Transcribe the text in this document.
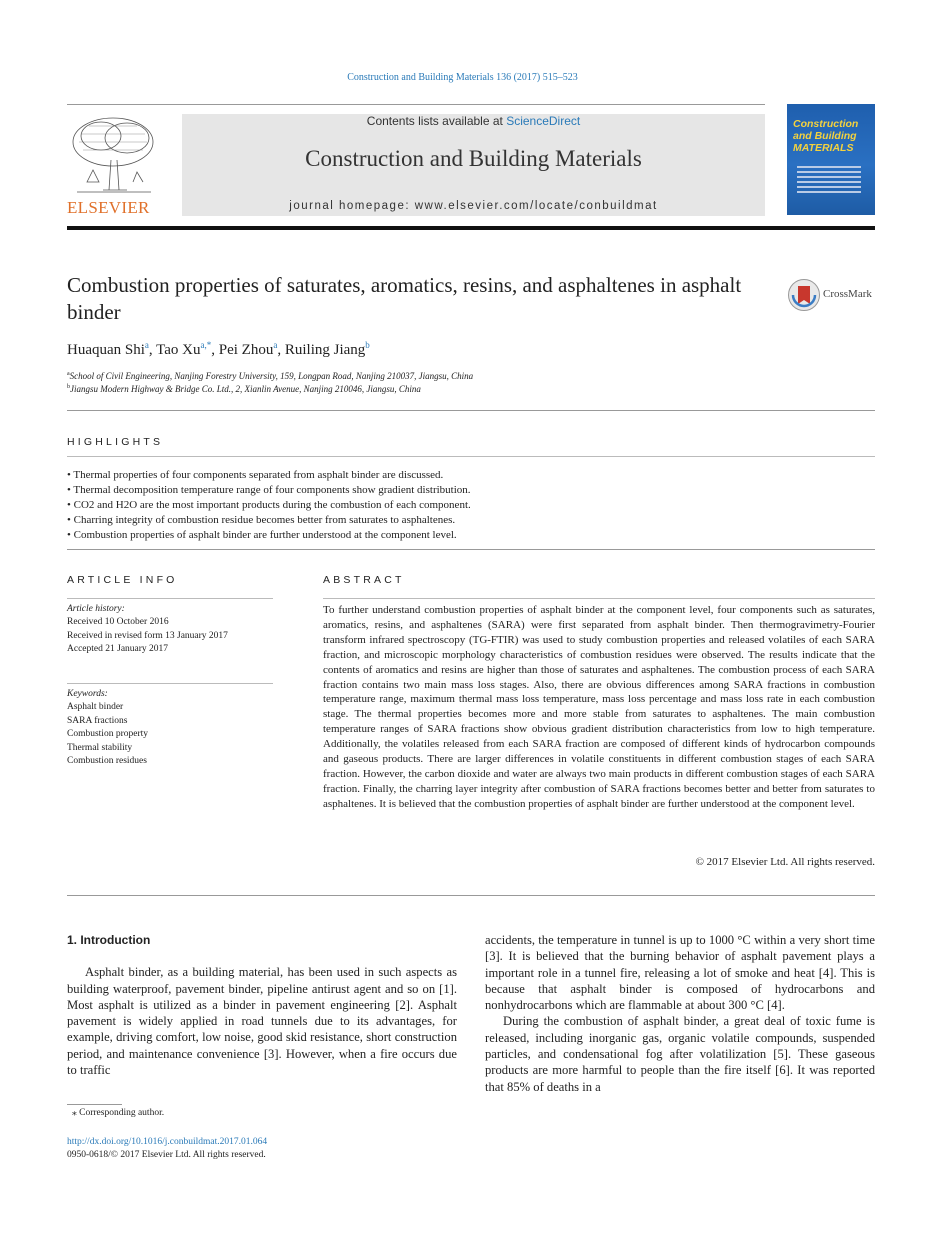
Construction and Building Materials 136 (2017) 515–523
ELSEVIER
Contents lists available at ScienceDirect
Construction and Building Materials
journal homepage: www.elsevier.com/locate/conbuildmat
Construction and Building MATERIALS
Combustion properties of saturates, aromatics, resins, and asphaltenes in asphalt binder
CrossMark
Huaquan Shi$^a$, Tao $Xu^{a,*}$, Pei Zhou$^a$, Ruiling Jiang$^b$
$^a$School of Civil Engineering, Nanjing Forestry University, 159, Longpan Road, Nanjing 210037, Jiangsu, China
$^b$Jiangsu Modern Highway & Bridge Co. Ltd., 2, Xianlin Avenue, Nanjing 210046, Jiangsu, China
HIGHLIGHTS
• Thermal properties of four components separated from asphalt binder are discussed.
• Thermal decomposition temperature range of four components show gradient distribution.
• CO2 and H2O are the most important products during the combustion of each component.
• Charring integrity of combustion residue becomes better from saturates to asphaltenes.
• Combustion properties of asphalt binder are further understood at the component level.
ARTICLE INFO
Article history:
Received 10 October 2016
Received in revised form 13 January 2017
Accepted 21 January 2017
Keywords:
Asphalt binder
SARA fractions
Combustion property
Thermal stability
Combustion residues
ABSTRACT
To further understand combustion properties of asphalt binder at the component level, four components such as saturates, aromatics, resins, and asphaltenes (SARA) were first separated from asphalt binder. Then thermogravimetry-Fourier transform infrared spectroscopy (TG-FTIR) was used to study combustion properties and released volatiles of each SARA fraction, and microscopic morphology characteristics of combustion residues were observed. The results indicate that the contents of aromatics and resins are higher than those of saturates and asphaltenes. The combustion process of each SARA fraction contains two main mass loss stages. Also, there are obvious differences among SARA fractions in combustion temperature range, maximum thermal mass loss temperature, mass loss percentage and mass loss rate in each combustion stage. The thermal properties becomes more and more stable from saturates to asphaltenes. The main combustion temperature ranges of SARA fractions show obvious gradient distribution characteristics from low to high temperature. Additionally, the volatiles released from each SARA fraction are composed of different kinds of hydrocarbon compounds and gaseous products. There are larger differences in volatile constituents in different combustion stages of each SARA fraction. However, the carbon dioxide and water are always two main products in different combustion stages of each SARA fraction. Finally, the charring layer integrity after combustion of SARA fractions becomes better and better from saturates to asphaltenes. It is believed that the combustion properties of asphalt binder are further understood at the component level.
© 2017 Elsevier Ltd. All rights reserved.

1. Introduction

Asphalt binder, as a building material, has been used in such aspects as building waterproof, pavement binder, pipeline antirust agent and so on [1]. Most asphalt is utilized as a binder in pavement engineering [2]. Asphalt pavement is widely applied in road tunnels due to its advantages, for example, driving comfort, low noise, good skid resistance, short construction period, and maintenance convenience [3]. However, when a fire occurs due to traffic

accidents, the temperature in tunnel is up to 1000 °C within a very short time [3]. It is believed that the burning behavior of asphalt pavement plays a important role in a tunnel fire, releasing a lot of smoke and heat [4]. This is because that asphalt binder is composed of hydrocarbons and nonhydrocarbons which are flammable at about 300 °C [4].

During the combustion of asphalt binder, a great deal of toxic fume is released, including inorganic gas, organic volatile compounds, suspended particles, and condensational fog after volatilization [5]. These gaseous products are more harmful to people than the fire itself [6]. It was reported that 85% of deaths in a

⁎ Corresponding author.
http://dx.doi.org/10.1016/j.conbuildmat.2017.01.064
0950-0618/© 2017 Elsevier Ltd. All rights reserved.
